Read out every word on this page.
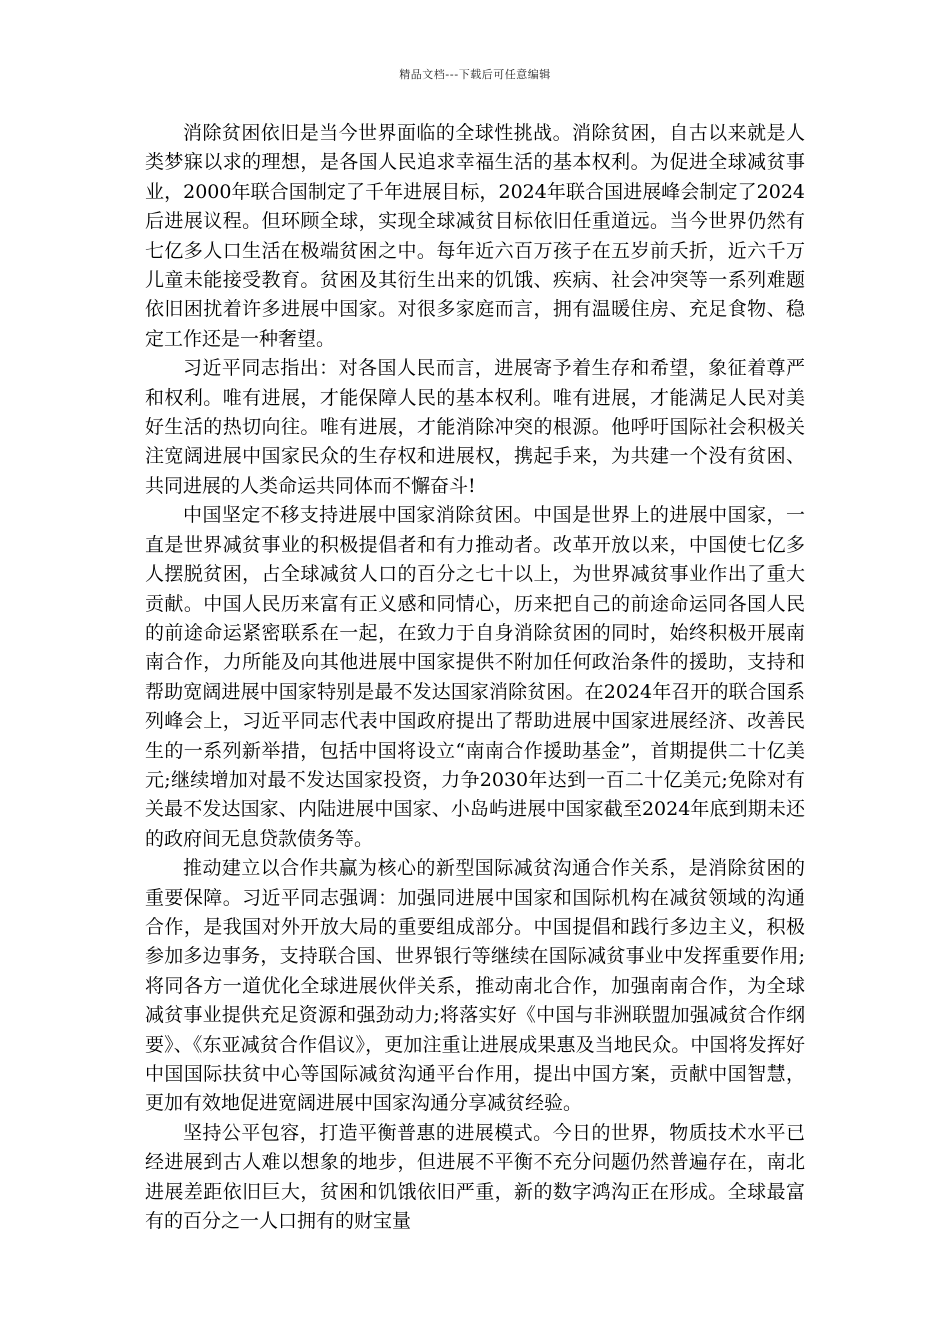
精品文档---下载后可任意编辑

消除贫困依旧是当今世界面临的全球性挑战。消除贫困，自古以来就是人类梦寐以求的理想，是各国人民追求幸福生活的基本权利。为促进全球减贫事业，2000年联合国制定了千年进展目标，2024年联合国进展峰会制定了2024后进展议程。但环顾全球，实现全球减贫目标依旧任重道远。当今世界仍然有七亿多人口生活在极端贫困之中。每年近六百万孩子在五岁前夭折，近六千万儿童未能接受教育。贫困及其衍生出来的饥饿、疾病、社会冲突等一系列难题依旧困扰着许多进展中国家。对很多家庭而言，拥有温暖住房、充足食物、稳定工作还是一种奢望。

习近平同志指出：对各国人民而言，进展寄予着生存和希望，象征着尊严和权利。唯有进展，才能保障人民的基本权利。唯有进展，才能满足人民对美好生活的热切向往。唯有进展，才能消除冲突的根源。他呼吁国际社会积极关注宽阔进展中国家民众的生存权和进展权，携起手来，为共建一个没有贫困、共同进展的人类命运共同体而不懈奋斗!

中国坚定不移支持进展中国家消除贫困。中国是世界上的进展中国家，一直是世界减贫事业的积极提倡者和有力推动者。改革开放以来，中国使七亿多人摆脱贫困，占全球减贫人口的百分之七十以上，为世界减贫事业作出了重大贡献。中国人民历来富有正义感和同情心，历来把自己的前途命运同各国人民的前途命运紧密联系在一起，在致力于自身消除贫困的同时，始终积极开展南南合作，力所能及向其他进展中国家提供不附加任何政治条件的援助，支持和帮助宽阔进展中国家特别是最不发达国家消除贫困。在2024年召开的联合国系列峰会上，习近平同志代表中国政府提出了帮助进展中国家进展经济、改善民生的一系列新举措，包括中国将设立“南南合作援助基金”，首期提供二十亿美元;继续增加对最不发达国家投资，力争2030年达到一百二十亿美元;免除对有关最不发达国家、内陆进展中国家、小岛屿进展中国家截至2024年底到期未还的政府间无息贷款债务等。

推动建立以合作共赢为核心的新型国际减贫沟通合作关系，是消除贫困的重要保障。习近平同志强调：加强同进展中国家和国际机构在减贫领域的沟通合作，是我国对外开放大局的重要组成部分。中国提倡和践行多边主义，积极参加多边事务，支持联合国、世界银行等继续在国际减贫事业中发挥重要作用;将同各方一道优化全球进展伙伴关系，推动南北合作，加强南南合作，为全球减贫事业提供充足资源和强劲动力;将落实好《中国与非洲联盟加强减贫合作纲要》、《东亚减贫合作倡议》，更加注重让进展成果惠及当地民众。中国将发挥好中国国际扶贫中心等国际减贫沟通平台作用，提出中国方案，贡献中国智慧，更加有效地促进宽阔进展中国家沟通分享减贫经验。

坚持公平包容，打造平衡普惠的进展模式。今日的世界，物质技术水平已经进展到古人难以想象的地步，但进展不平衡不充分问题仍然普遍存在，南北进展差距依旧巨大，贫困和饥饿依旧严重，新的数字鸿沟正在形成。全球最富有的百分之一人口拥有的财宝量
